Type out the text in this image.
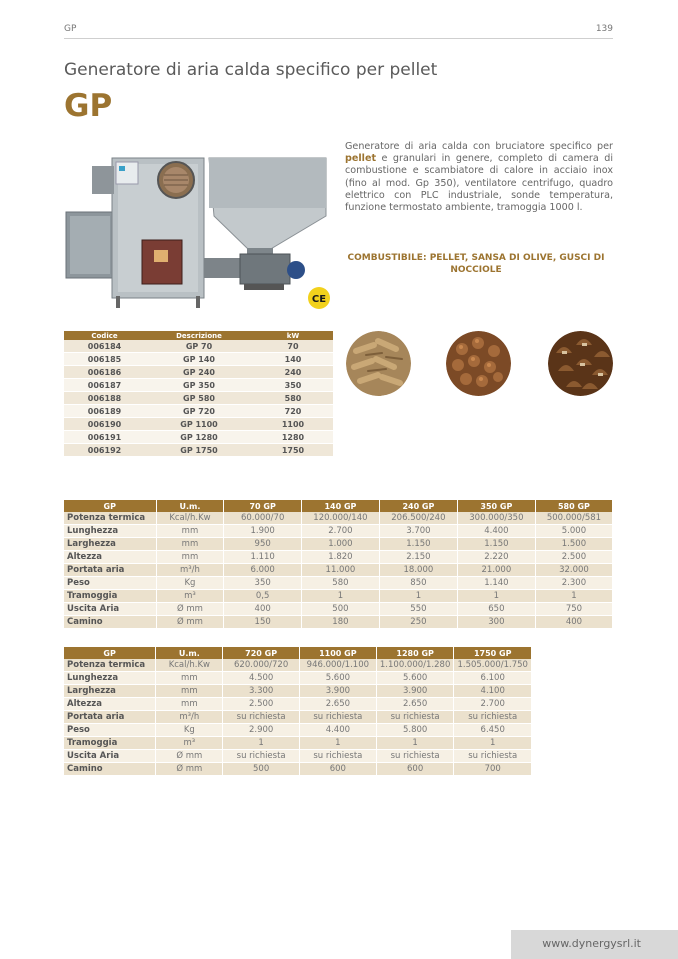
GP	139
Generatore di aria calda specifico per pellet
GP
CE
Generatore di aria calda con bruciatore specifico per pellet e granulari in genere, completo di camera di combustione e scambiatore di calore in acciaio inox (fino al mod. Gp 350), ventilatore centrifugo, quadro elettrico con PLC industriale, sonde temperatura, funzione termostato ambiente, tramoggia 1000 l.
COMBUSTIBILE: PELLET, SANSA DI OLIVE, GUSCI DI NOCCIOLE
Codice	Descrizione	kW
006184	GP 70	70
006185	GP 140	140
006186	GP 240	240
006187	GP 350	350
006188	GP 580	580
006189	GP 720	720
006190	GP 1100	1100
006191	GP 1280	1280
006192	GP 1750	1750
GP	U.m.	70 GP	140 GP	240 GP	350 GP	580 GP
Potenza termica	Kcal/h.Kw	60.000/70	120.000/140	206.500/240	300.000/350	500.000/581
Lunghezza	mm	1.900	2.700	3.700	4.400	5.000
Larghezza	mm	950	1.000	1.150	1.150	1.500
Altezza	mm	1.110	1.820	2.150	2.220	2.500
Portata aria	m³/h	6.000	11.000	18.000	21.000	32.000
Peso	Kg	350	580	850	1.140	2.300
Tramoggia	m³	0,5	1	1	1	1
Uscita Aria	Ø mm	400	500	550	650	750
Camino	Ø mm	150	180	250	300	400
GP	U.m.	720 GP	1100 GP	1280 GP	1750 GP
Potenza termica	Kcal/h.Kw	620.000/720	946.000/1.100	1.100.000/1.280	1.505.000/1.750
Lunghezza	mm	4.500	5.600	5.600	6.100
Larghezza	mm	3.300	3.900	3.900	4.100
Altezza	mm	2.500	2.650	2.650	2.700
Portata aria	m³/h	su richiesta	su richiesta	su richiesta	su richiesta
Peso	Kg	2.900	4.400	5.800	6.450
Tramoggia	m³	1	1	1	1
Uscita Aria	Ø mm	su richiesta	su richiesta	su richiesta	su richiesta
Camino	Ø mm	500	600	600	700
www.dynergysrl.it
